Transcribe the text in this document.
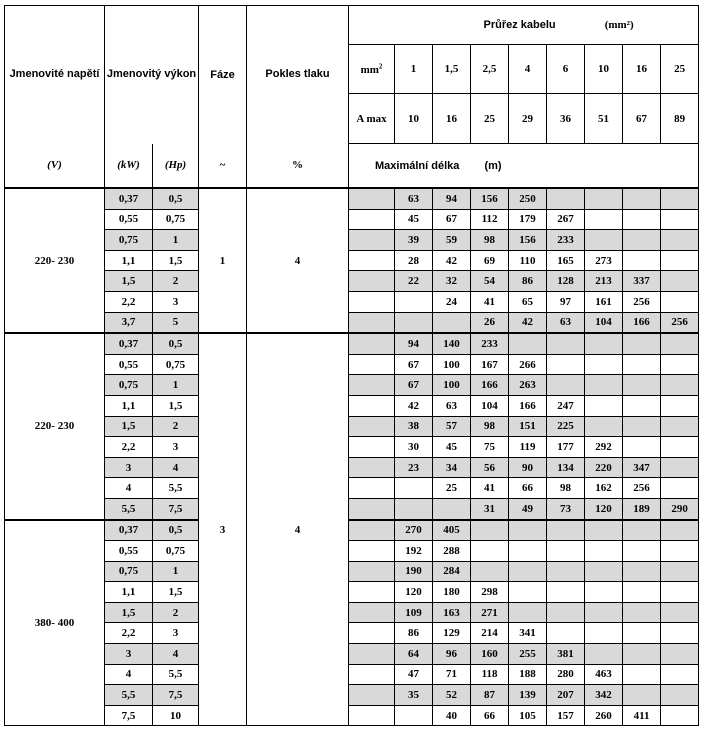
Jmenovité napětí	Jmenovitý výkon		Fáze	Pokles tlaku	Průřez kabelu (mm²)								
					$mm^2$	1	1,5	2,5	4	6	10	16	25
					A max	10	16	25	29	36	51	67	89
(V)	(kW)	(Hp)	~	%	Maximální délka (m)								
220- 230	0,37	0,5	1	4		63	94	156	250				
	0,55	0,75				45	67	112	179	267			
	0,75	1				39	59	98	156	233			
	1,1	1,5				28	42	69	110	165	273		
	1,5	2				22	32	54	86	128	213	337	
	2,2	3					24	41	65	97	161	256	
	3,7	5						26	42	63	104	166	256
220- 230	0,37	0,5	3	4		94	140	233					
	0,55	0,75				67	100	167	266				
	0,75	1				67	100	166	263				
	1,1	1,5				42	63	104	166	247			
	1,5	2				38	57	98	151	225			
	2,2	3				30	45	75	119	177	292		
	3	4				23	34	56	90	134	220	347	
	4	5,5					25	41	66	98	162	256	
	5,5	7,5						31	49	73	120	189	290
380- 400	0,37	0,5				270	405						
	0,55	0,75				192	288						
	0,75	1				190	284						
	1,1	1,5				120	180	298					
	1,5	2				109	163	271					
	2,2	3				86	129	214	341				
	3	4				64	96	160	255	381			
	4	5,5				47	71	118	188	280	463		
	5,5	7,5				35	52	87	139	207	342		
	7,5	10					40	66	105	157	260	411	
